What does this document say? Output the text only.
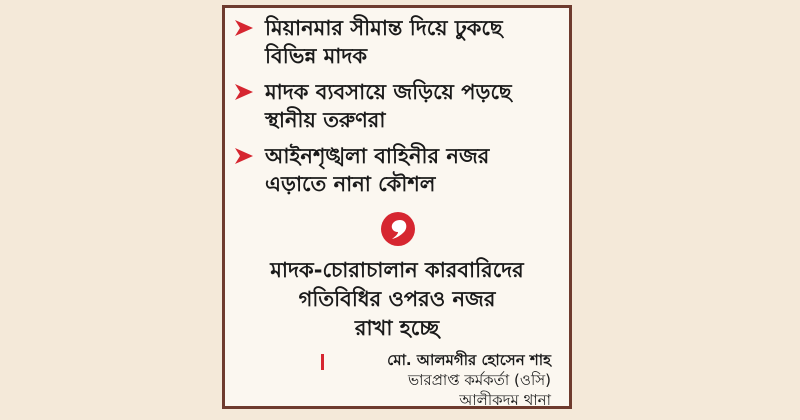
মিয়ানমার সীমান্ত দিয়ে ঢুকছে
বিভিন্ন মাদক
মাদক ব্যবসায়ে জড়িয়ে পড়ছে
স্থানীয় তরুণরা
আইনশৃঙ্খলা বাহিনীর নজর
এড়াতে নানা কৌশল
মাদক-চোরাচালান কারবারিদের
গতিবিধির ওপরও নজর
রাখা হচ্ছে
মো. আলমগীর হোসেন শাহ
ভারপ্রাপ্ত কর্মকর্তা (ওসি)
আলীকদম থানা
